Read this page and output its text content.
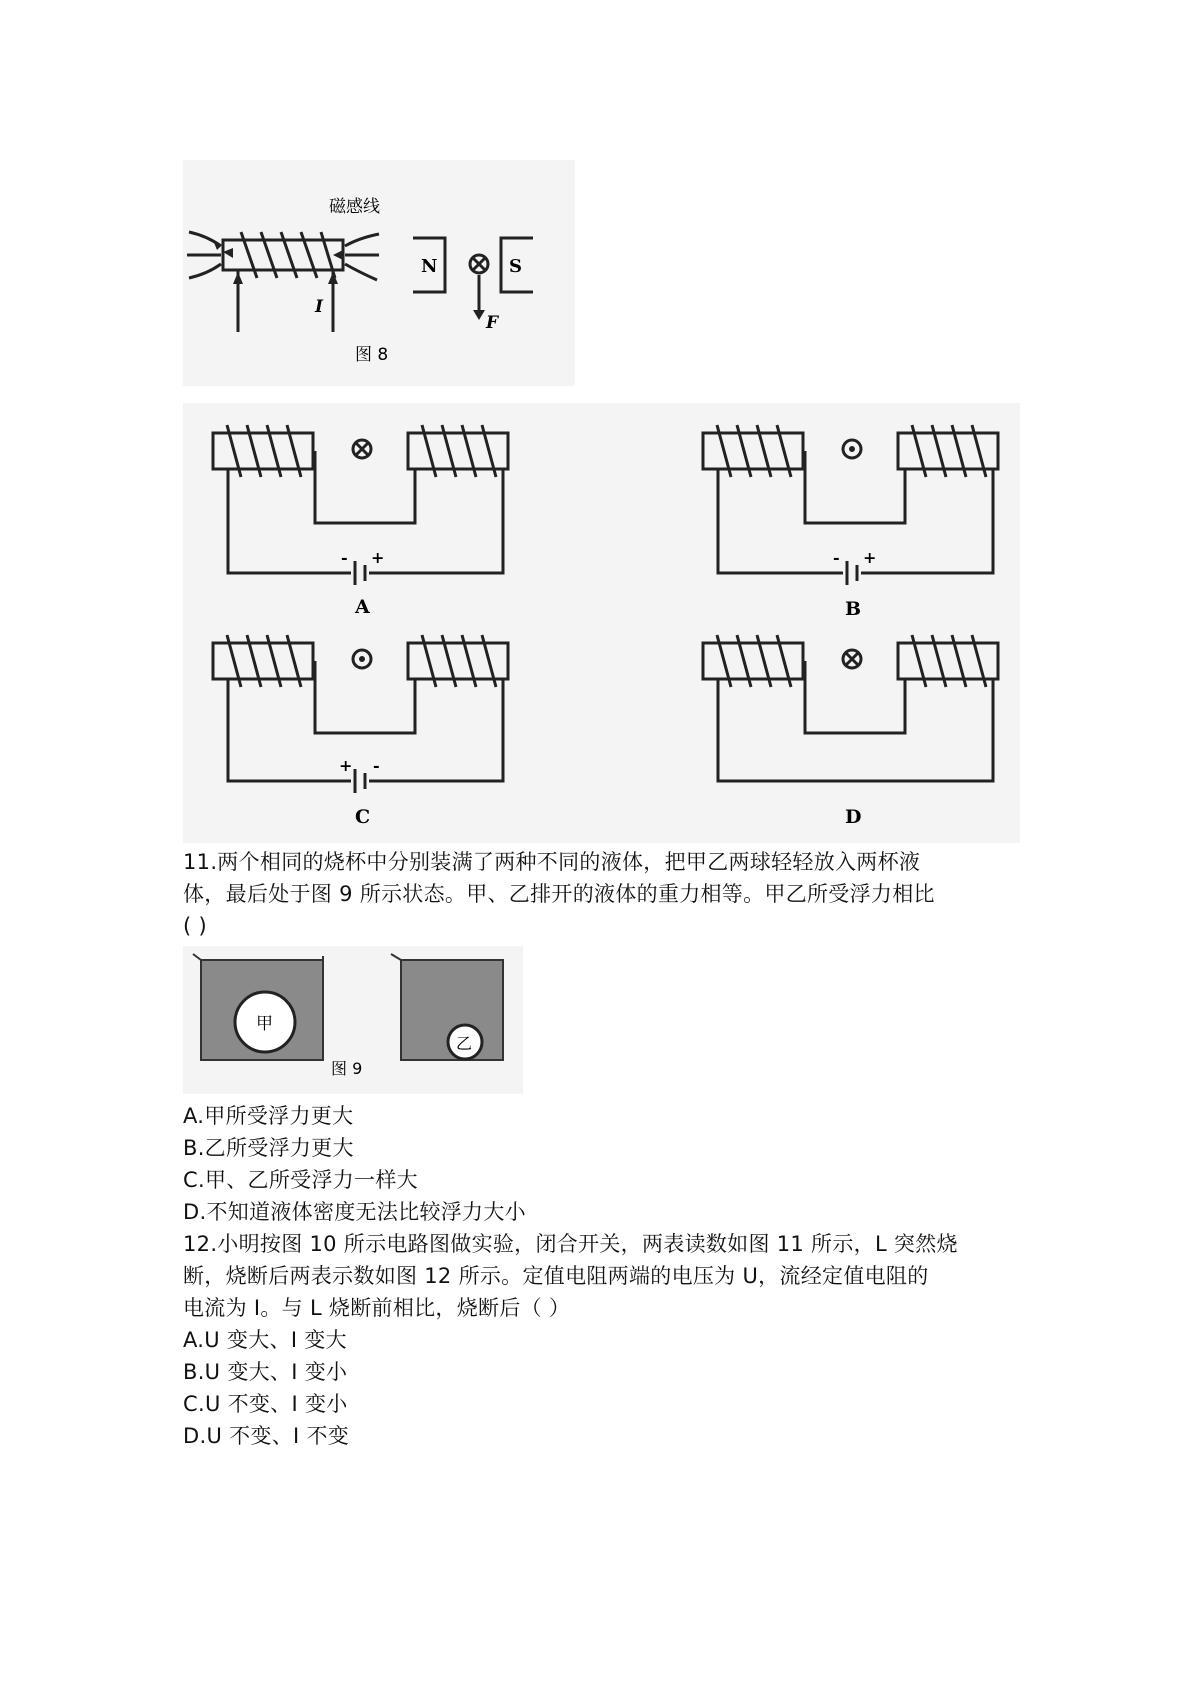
磁感线
N	S
I
F
图 8
- +
A
- +
B
+ -
C	D
11.两个相同的烧杯中分别装满了两种不同的液体，把甲乙两球轻轻放入两杯液
体，最后处于图 9 所示状态。甲、乙排开的液体的重力相等。甲乙所受浮力相比
( )
甲
乙
图 9
A.甲所受浮力更大
B.乙所受浮力更大
C.甲、乙所受浮力一样大
D.不知道液体密度无法比较浮力大小
12.小明按图 10 所示电路图做实验，闭合开关，两表读数如图 11 所示，L 突然烧
断，烧断后两表示数如图 12 所示。定值电阻两端的电压为 U，流经定值电阻的
电流为 I。与 L 烧断前相比，烧断后（ ）
A.U 变大、I 变大
B.U 变大、I 变小
C.U 不变、I 变小
D.U 不变、I 不变
